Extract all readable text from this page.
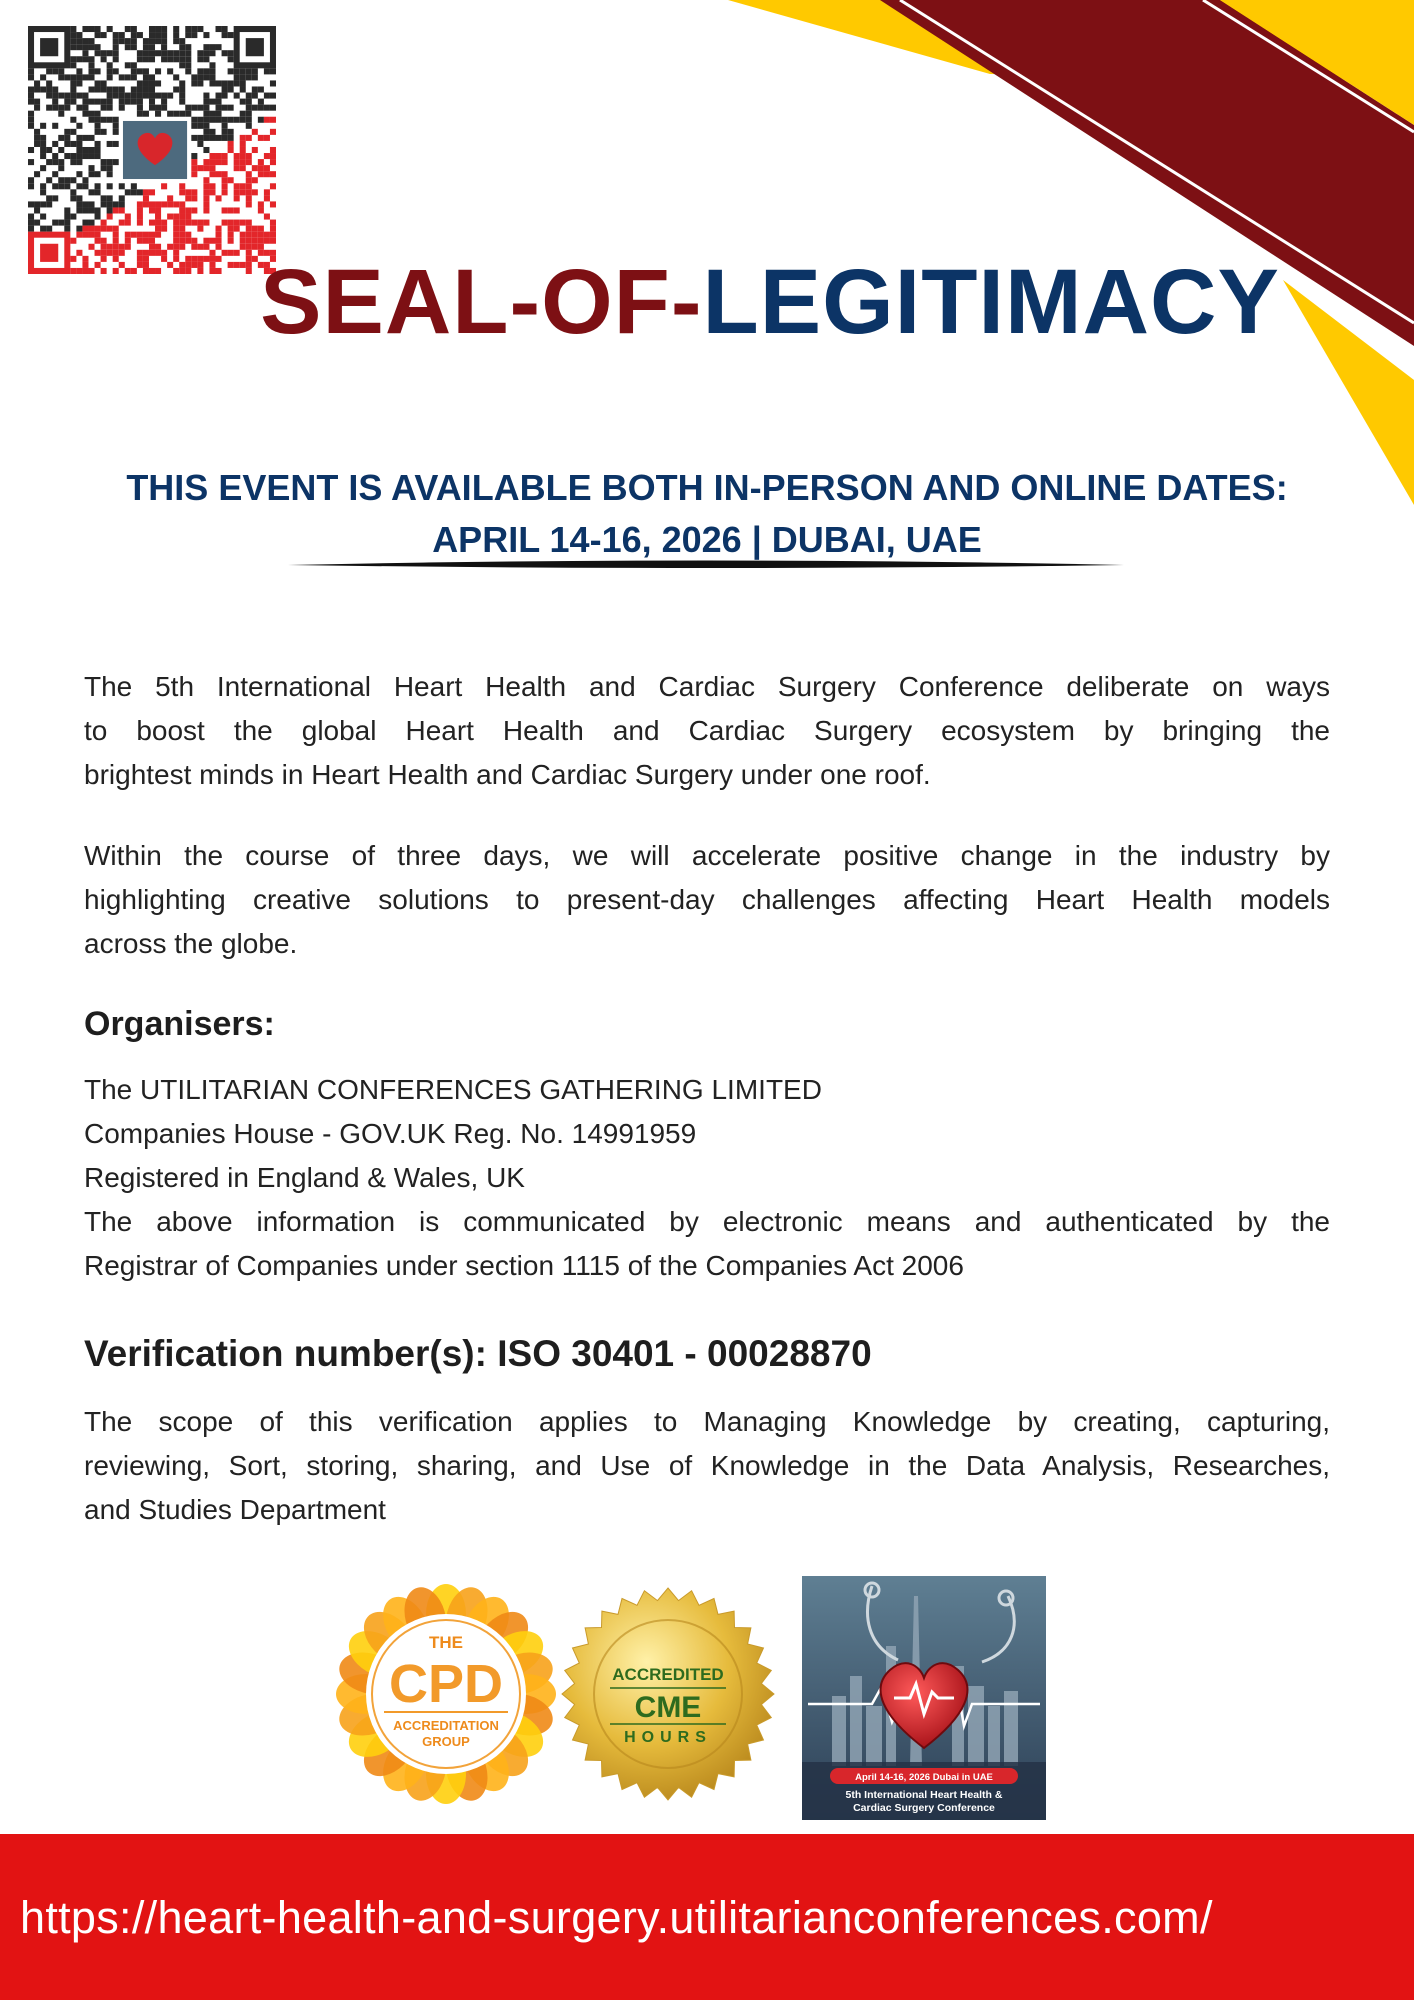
SEAL-OF-LEGITIMACY
THIS EVENT IS AVAILABLE BOTH IN-PERSON AND ONLINE DATES:
APRIL 14-16, 2026 | DUBAI, UAE

The 5th International Heart Health and Cardiac Surgery Conference deliberate on ways
to boost the global Heart Health and Cardiac Surgery ecosystem by bringing the
brightest minds in Heart Health and Cardiac Surgery under one roof.

Within the course of three days, we will accelerate positive change in the industry by
highlighting creative solutions to present-day challenges affecting Heart Health models
across the globe.

Organisers:
The UTILITARIAN CONFERENCES GATHERING LIMITED
Companies House - GOV.UK Reg. No. 14991959
Registered in England & Wales, UK
The above information is communicated by electronic means and authenticated by the
Registrar of Companies under section 1115 of the Companies Act 2006
Verification number(s): ISO 30401 - 00028870

The scope of this verification applies to Managing Knowledge by creating, capturing,
reviewing, Sort, storing, sharing, and Use of Knowledge in the Data Analysis, Researches,
and Studies Department

THE
CPD
ACCREDITATION
GROUP
ACCREDITED
CME
HOURS
April 14-16, 2026 Dubai in UAE
5th International Heart Health &
Cardiac Surgery Conference
https://heart-health-and-surgery.utilitarianconferences.com/
